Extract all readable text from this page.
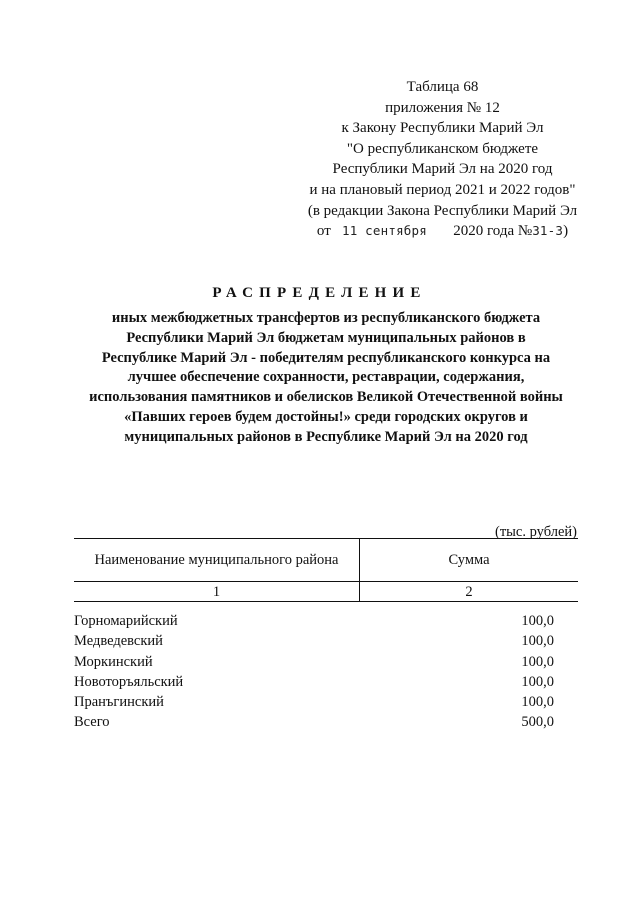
Таблица 68
приложения № 12
к Закону Республики Марий Эл
"О республиканском бюджете
Республики Марий Эл на 2020 год
и на плановый период 2021 и 2022 годов"
(в редакции Закона Республики Марий Эл
от 11 сентября 2020 года №31-3)
РАСПРЕДЕЛЕНИЕ
иных межбюджетных трансфертов из республиканского бюджета
Республики Марий Эл бюджетам муниципальных районов в
Республике Марий Эл - победителям республиканского конкурса на
лучшее обеспечение сохранности, реставрации, содержания,
использования памятников и обелисков Великой Отечественной войны
«Павших героев будем достойны!» среди городских округов и
муниципальных районов в Республике Марий Эл на 2020 год
(тыс. рублей)
Наименование муниципального района	Сумма
1	2
Горномарийский	100,0
Медведевский	100,0
Моркинский	100,0
Новоторъяльский	100,0
Пранъгинский	100,0
Всего	500,0
